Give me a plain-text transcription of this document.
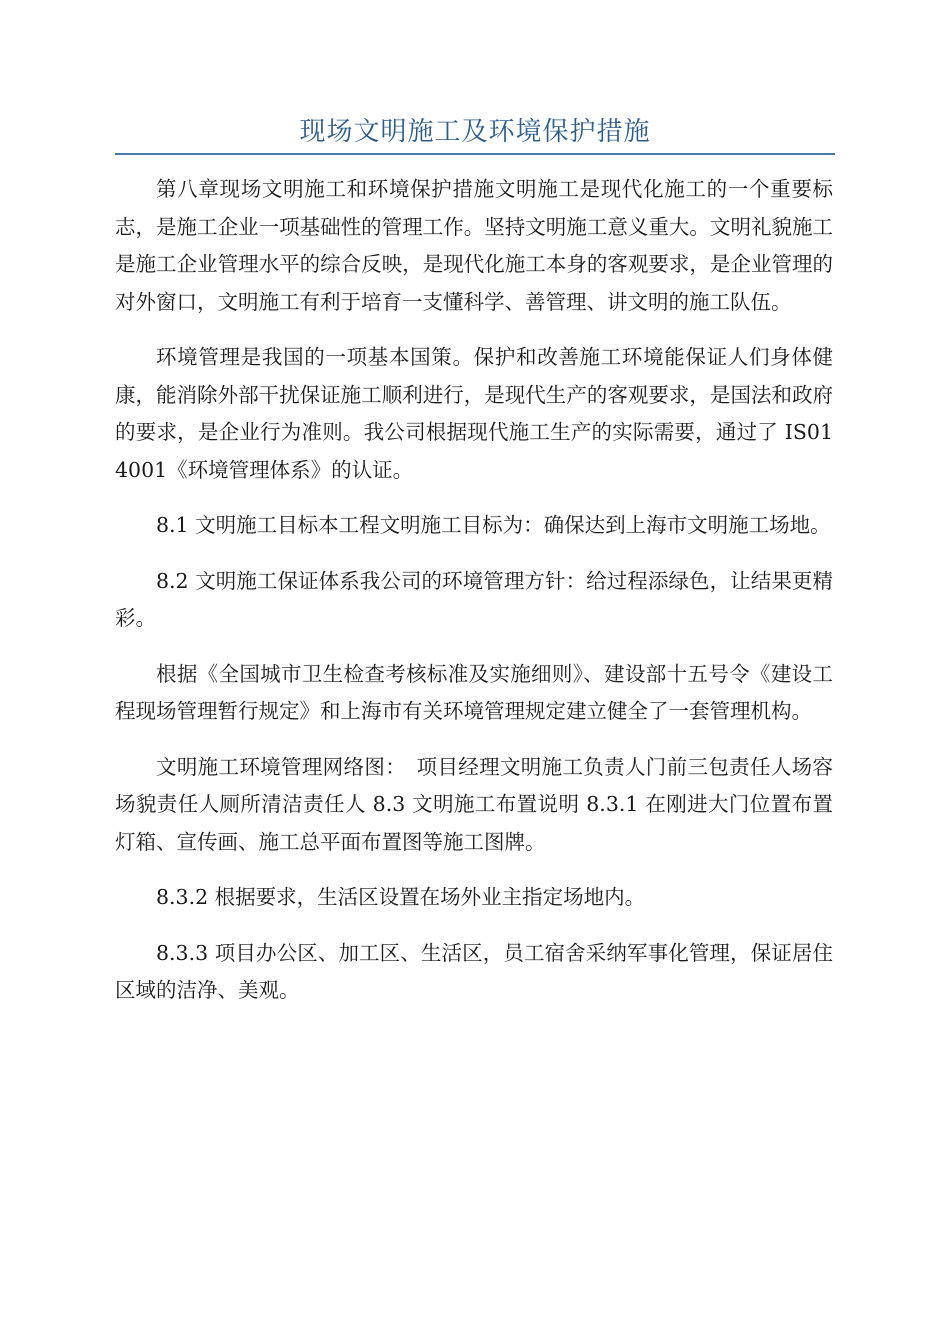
现场文明施工及环境保护措施

第八章现场文明施工和环境保护措施文明施工是现代化施工的一个重要标志，是施工企业一项基础性的管理工作。坚持文明施工意义重大。文明礼貌施工是施工企业管理水平的综合反映，是现代化施工本身的客观要求，是企业管理的对外窗口，文明施工有利于培育一支懂科学、善管理、讲文明的施工队伍。

环境管理是我国的一项基本国策。保护和改善施工环境能保证人们身体健康，能消除外部干扰保证施工顺利进行，是现代生产的客观要求，是国法和政府的要求，是企业行为准则。我公司根据现代施工生产的实际需要，通过了 IS014001《环境管理体系》的认证。

8.1 文明施工目标本工程文明施工目标为：确保达到上海市文明施工场地。

8.2 文明施工保证体系我公司的环境管理方针：给过程添绿色，让结果更精彩。

根据《全国城市卫生检查考核标准及实施细则》、建设部十五号令《建设工程现场管理暂行规定》和上海市有关环境管理规定建立健全了一套管理机构。

文明施工环境管理网络图：　项目经理文明施工负责人门前三包责任人场容场貌责任人厕所清洁责任人 8.3 文明施工布置说明 8.3.1 在刚进大门位置布置灯箱、宣传画、施工总平面布置图等施工图牌。

8.3.2 根据要求，生活区设置在场外业主指定场地内。

8.3.3 项目办公区、加工区、生活区，员工宿舍采纳军事化管理，保证居住区域的洁净、美观。
